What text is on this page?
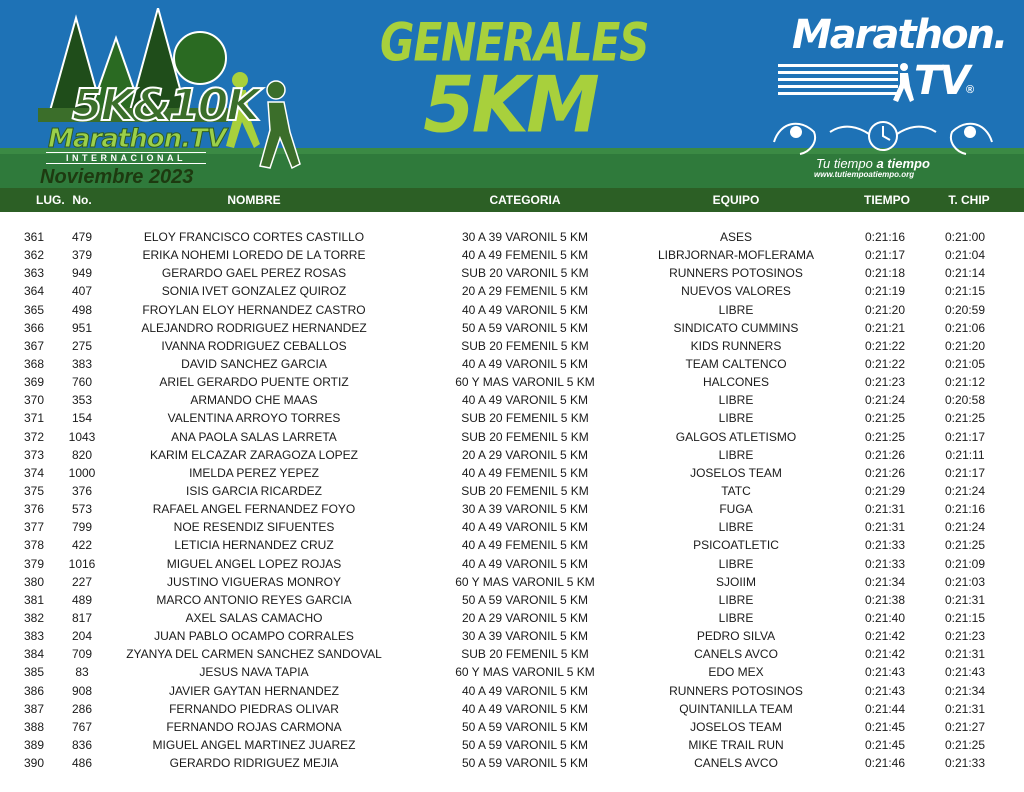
5K&10K
Marathon.TV
INTERNACIONAL
Noviembre 2023
GENERALES
5KM
Marathon.
TV
®
Tu tiempo a tiempo
www.tutiempoatiempo.org
LUG. No.	NOMBRE	CATEGORIA	EQUIPO	TIEMPO	T. CHIP
361	479	ELOY FRANCISCO CORTES CASTILLO	30 A 39 VARONIL 5 KM	ASES	0:21:16	0:21:00
362	379	ERIKA NOHEMI LOREDO DE LA TORRE	40 A 49 FEMENIL 5 KM	LIBRJORNAR-MOFLERAMA	0:21:17	0:21:04
363	949	GERARDO GAEL PEREZ ROSAS	SUB 20 VARONIL 5 KM	RUNNERS POTOSINOS	0:21:18	0:21:14
364	407	SONIA IVET GONZALEZ QUIROZ	20 A 29 FEMENIL 5 KM	NUEVOS VALORES	0:21:19	0:21:15
365	498	FROYLAN ELOY HERNANDEZ CASTRO	40 A 49 VARONIL 5 KM	LIBRE	0:21:20	0:20:59
366	951	ALEJANDRO RODRIGUEZ HERNANDEZ	50 A 59 VARONIL 5 KM	SINDICATO CUMMINS	0:21:21	0:21:06
367	275	IVANNA RODRIGUEZ CEBALLOS	SUB 20 FEMENIL 5 KM	KIDS RUNNERS	0:21:22	0:21:20
368	383	DAVID SANCHEZ GARCIA	40 A 49 VARONIL 5 KM	TEAM CALTENCO	0:21:22	0:21:05
369	760	ARIEL GERARDO PUENTE ORTIZ	60 Y MAS VARONIL 5 KM	HALCONES	0:21:23	0:21:12
370	353	ARMANDO CHE MAAS	40 A 49 VARONIL 5 KM	LIBRE	0:21:24	0:20:58
371	154	VALENTINA ARROYO TORRES	SUB 20 FEMENIL 5 KM	LIBRE	0:21:25	0:21:25
372	1043	ANA PAOLA SALAS LARRETA	SUB 20 FEMENIL 5 KM	GALGOS ATLETISMO	0:21:25	0:21:17
373	820	KARIM ELCAZAR ZARAGOZA LOPEZ	20 A 29 VARONIL 5 KM	LIBRE	0:21:26	0:21:11
374	1000	IMELDA PEREZ YEPEZ	40 A 49 FEMENIL 5 KM	JOSELOS TEAM	0:21:26	0:21:17
375	376	ISIS GARCIA RICARDEZ	SUB 20 FEMENIL 5 KM	TATC	0:21:29	0:21:24
376	573	RAFAEL ANGEL FERNANDEZ FOYO	30 A 39 VARONIL 5 KM	FUGA	0:21:31	0:21:16
377	799	NOE RESENDIZ SIFUENTES	40 A 49 VARONIL 5 KM	LIBRE	0:21:31	0:21:24
378	422	LETICIA HERNANDEZ CRUZ	40 A 49 FEMENIL 5 KM	PSICOATLETIC	0:21:33	0:21:25
379	1016	MIGUEL ANGEL LOPEZ ROJAS	40 A 49 VARONIL 5 KM	LIBRE	0:21:33	0:21:09
380	227	JUSTINO VIGUERAS MONROY	60 Y MAS VARONIL 5 KM	SJOIIM	0:21:34	0:21:03
381	489	MARCO ANTONIO REYES GARCIA	50 A 59 VARONIL 5 KM	LIBRE	0:21:38	0:21:31
382	817	AXEL SALAS CAMACHO	20 A 29 VARONIL 5 KM	LIBRE	0:21:40	0:21:15
383	204	JUAN PABLO OCAMPO CORRALES	30 A 39 VARONIL 5 KM	PEDRO SILVA	0:21:42	0:21:23
384	709	ZYANYA DEL CARMEN SANCHEZ SANDOVAL	SUB 20 FEMENIL 5 KM	CANELS AVCO	0:21:42	0:21:31
385	83	JESUS NAVA TAPIA	60 Y MAS VARONIL 5 KM	EDO MEX	0:21:43	0:21:43
386	908	JAVIER GAYTAN HERNANDEZ	40 A 49 VARONIL 5 KM	RUNNERS POTOSINOS	0:21:43	0:21:34
387	286	FERNANDO PIEDRAS OLIVAR	40 A 49 VARONIL 5 KM	QUINTANILLA TEAM	0:21:44	0:21:31
388	767	FERNANDO ROJAS CARMONA	50 A 59 VARONIL 5 KM	JOSELOS TEAM	0:21:45	0:21:27
389	836	MIGUEL ANGEL MARTINEZ JUAREZ	50 A 59 VARONIL 5 KM	MIKE TRAIL RUN	0:21:45	0:21:25
390	486	GERARDO RIDRIGUEZ MEJIA	50 A 59 VARONIL 5 KM	CANELS AVCO	0:21:46	0:21:33
